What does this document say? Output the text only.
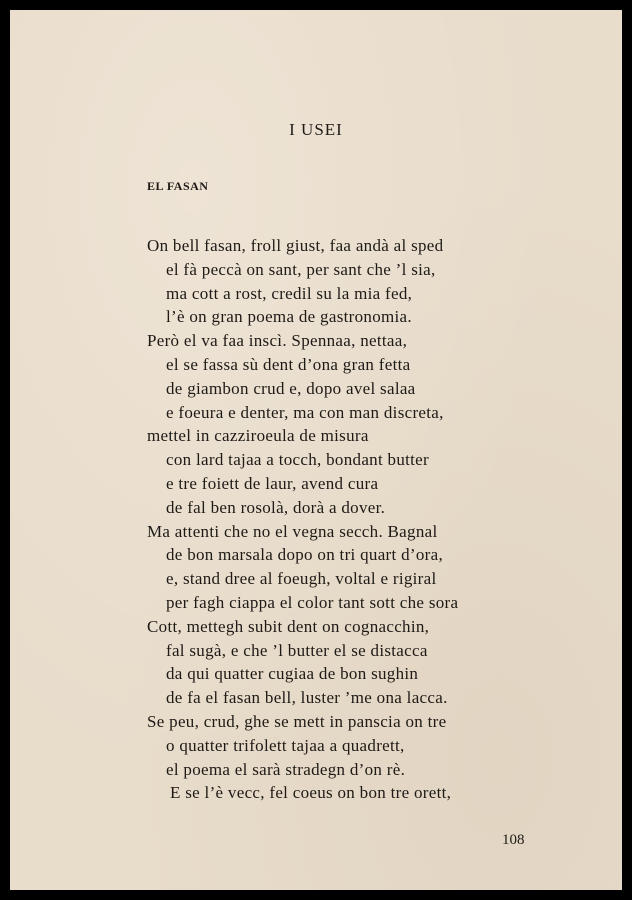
I USEI
EL FASAN
On bell fasan, froll giust, faa andà al sped
el fà peccà on sant, per sant che ’l sia,
ma cott a rost, credil su la mia fed,
l’è on gran poema de gastronomia.
Però el va faa inscì. Spennaa, nettaa,
el se fassa sù dent d’ona gran fetta
de giambon crud e, dopo avel salaa
e foeura e denter, ma con man discreta,
mettel in cazziroeula de misura
con lard tajaa a tocch, bondant butter
e tre foiett de laur, avend cura
de fal ben rosolà, dorà a dover.
Ma attenti che no el vegna secch. Bagnal
de bon marsala dopo on tri quart d’ora,
e, stand dree al foeugh, voltal e rigiral
per fagh ciappa el color tant sott che sora
Cott, mettegh subit dent on cognacchin,
fal sugà, e che ’l butter el se distacca
da qui quatter cugiaa de bon sughin
de fa el fasan bell, luster ’me ona lacca.
Se peu, crud, ghe se mett in panscia on tre
o quatter trifolett tajaa a quadrett,
el poema el sarà stradegn d’on rè.
E se l’è vecc, fel coeus on bon tre orett,
108
